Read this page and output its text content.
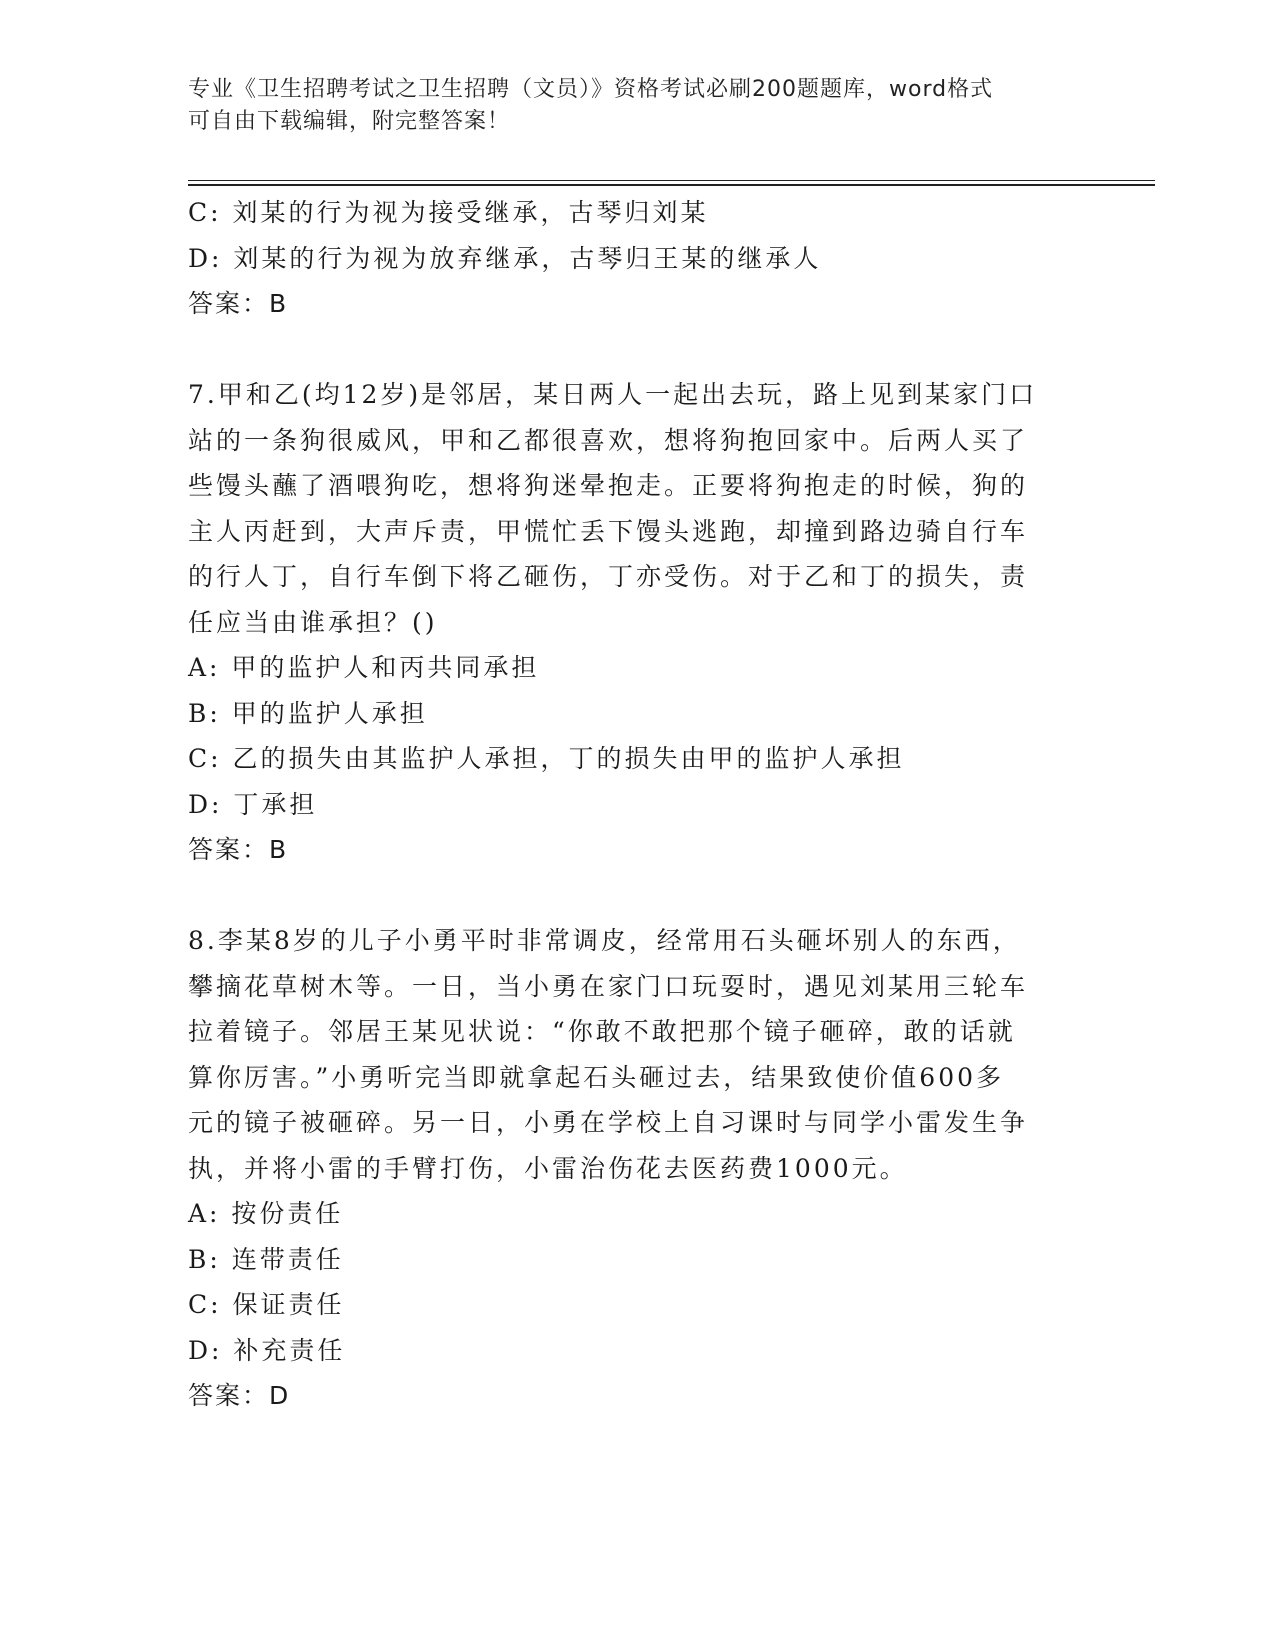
专业《卫生招聘考试之卫生招聘（文员）》资格考试必刷200题题库，word格式
可自由下载编辑，附完整答案！
C: 刘某的行为视为接受继承，古琴归刘某
D: 刘某的行为视为放弃继承，古琴归王某的继承人
答案：B
7.甲和乙(均12岁)是邻居，某日两人一起出去玩，路上见到某家门口
站的一条狗很威风，甲和乙都很喜欢，想将狗抱回家中。后两人买了
些馒头蘸了酒喂狗吃，想将狗迷晕抱走。正要将狗抱走的时候，狗的
主人丙赶到，大声斥责，甲慌忙丢下馒头逃跑，却撞到路边骑自行车
的行人丁，自行车倒下将乙砸伤，丁亦受伤。对于乙和丁的损失，责
任应当由谁承担？()
A: 甲的监护人和丙共同承担
B: 甲的监护人承担
C: 乙的损失由其监护人承担，丁的损失由甲的监护人承担
D: 丁承担
答案：B
8.李某8岁的儿子小勇平时非常调皮，经常用石头砸坏别人的东西，
攀摘花草树木等。一日，当小勇在家门口玩耍时，遇见刘某用三轮车
拉着镜子。邻居王某见状说：“你敢不敢把那个镜子砸碎，敢的话就
算你厉害。”小勇听完当即就拿起石头砸过去，结果致使价值600多
元的镜子被砸碎。另一日，小勇在学校上自习课时与同学小雷发生争
执，并将小雷的手臂打伤，小雷治伤花去医药费1000元。
A: 按份责任
B: 连带责任
C: 保证责任
D: 补充责任
答案：D
